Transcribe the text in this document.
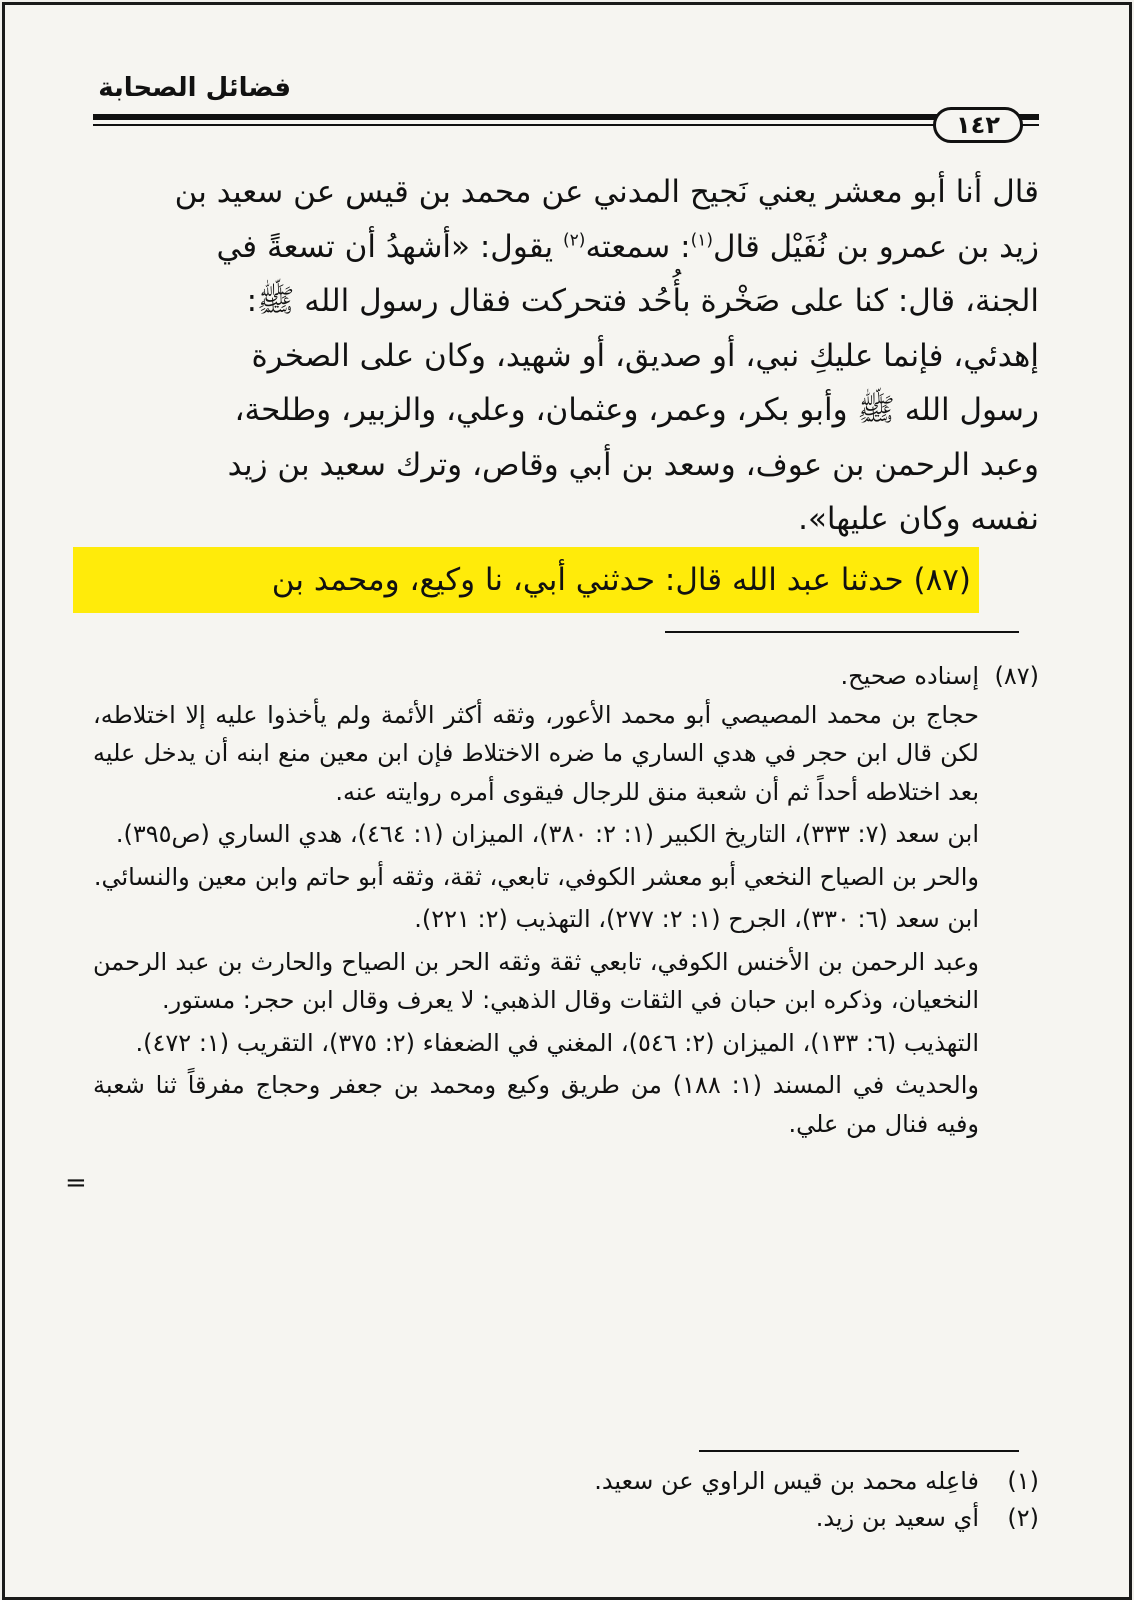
فضائل الصحابة
١٤٢

قال أنا أبو معشر يعني نَجيح المدني عن محمد بن قيس عن سعيد بن

زيد بن عمرو بن نُفَيْل قال$^{(١)}$: سمعته$^{(٢)}$ يقول: «أشهدُ أن تسعةً في

الجنة، قال: كنا على صَخْرة بأُحُد فتحركت فقال رسول الله ﷺ:

إهدئي، فإنما عليكِ نبي، أو صديق، أو شهيد، وكان على الصخرة

رسول الله ﷺ وأبو بكر، وعمر، وعثمان، وعلي، والزبير، وطلحة،

وعبد الرحمن بن عوف، وسعد بن أبي وقاص، وترك سعيد بن زيد

نفسه وكان عليها».

(٨٧) حدثنا عبد الله قال: حدثني أبي، نا وكيع، ومحمد بن

(٨٧)إسناده صحيح.

حجاج بن محمد المصيصي أبو محمد الأعور، وثقه أكثر الأئمة ولم يأخذوا عليه إلا اختلاطه، لكن قال ابن حجر في هدي الساري ما ضره الاختلاط فإن ابن معين منع ابنه أن يدخل عليه بعد اختلاطه أحداً ثم أن شعبة منق للرجال فيقوى أمره روايته عنه.

ابن سعد (٧: ٣٣٣)، التاريخ الكبير (١: ٢: ٣٨٠)، الميزان (١: ٤٦٤)، هدي الساري (ص٣٩٥).

والحر بن الصياح النخعي أبو معشر الكوفي، تابعي، ثقة، وثقه أبو حاتم وابن معين والنسائي.

ابن سعد (٦: ٣٣٠)، الجرح (١: ٢: ٢٧٧)، التهذيب (٢: ٢٢١).

وعبد الرحمن بن الأخنس الكوفي، تابعي ثقة وثقه الحر بن الصياح والحارث بن عبد الرحمن النخعيان، وذكره ابن حبان في الثقات وقال الذهبي: لا يعرف وقال ابن حجر: مستور.

التهذيب (٦: ١٣٣)، الميزان (٢: ٥٤٦)، المغني في الضعفاء (٢: ٣٧٥)، التقريب (١: ٤٧٢).

والحديث في المسند (١: ١٨٨) من طريق وكيع ومحمد بن جعفر وحجاج مفرقاً ثنا شعبة وفيه فنال من علي.

=

(١)فاعِله محمد بن قيس الراوي عن سعيد.

(٢)أي سعيد بن زيد.
